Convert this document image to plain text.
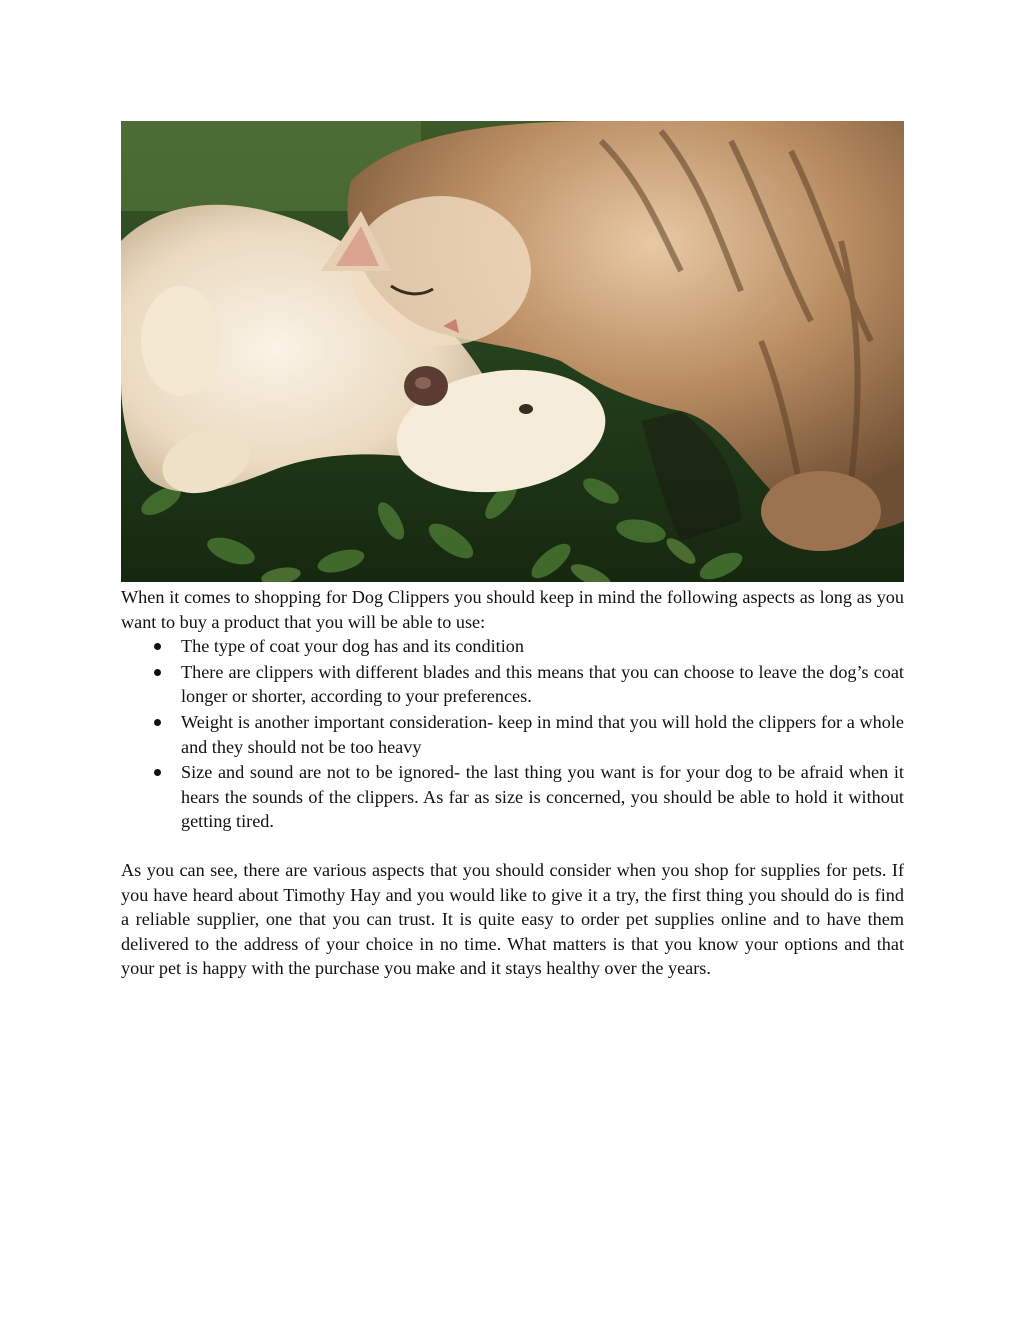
When it comes to shopping for Dog Clippers you should keep in mind the following aspects as long as you want to buy a product that you will be able to use:

The type of coat your dog has and its condition
There are clippers with different blades and this means that you can choose to leave the dog’s coat longer or shorter, according to your preferences.
Weight is another important consideration- keep in mind that you will hold the clippers for a whole and they should not be too heavy
Size and sound are not to be ignored- the last thing you want is for your dog to be afraid when it hears the sounds of the clippers. As far as size is concerned, you should be able to hold it without getting tired.

As you can see, there are various aspects that you should consider when you shop for supplies for pets. If you have heard about Timothy Hay and you would like to give it a try, the first thing you should do is find a reliable supplier, one that you can trust. It is quite easy to order pet supplies online and to have them delivered to the address of your choice in no time. What matters is that you know your options and that your pet is happy with the purchase you make and it stays healthy over the years.
